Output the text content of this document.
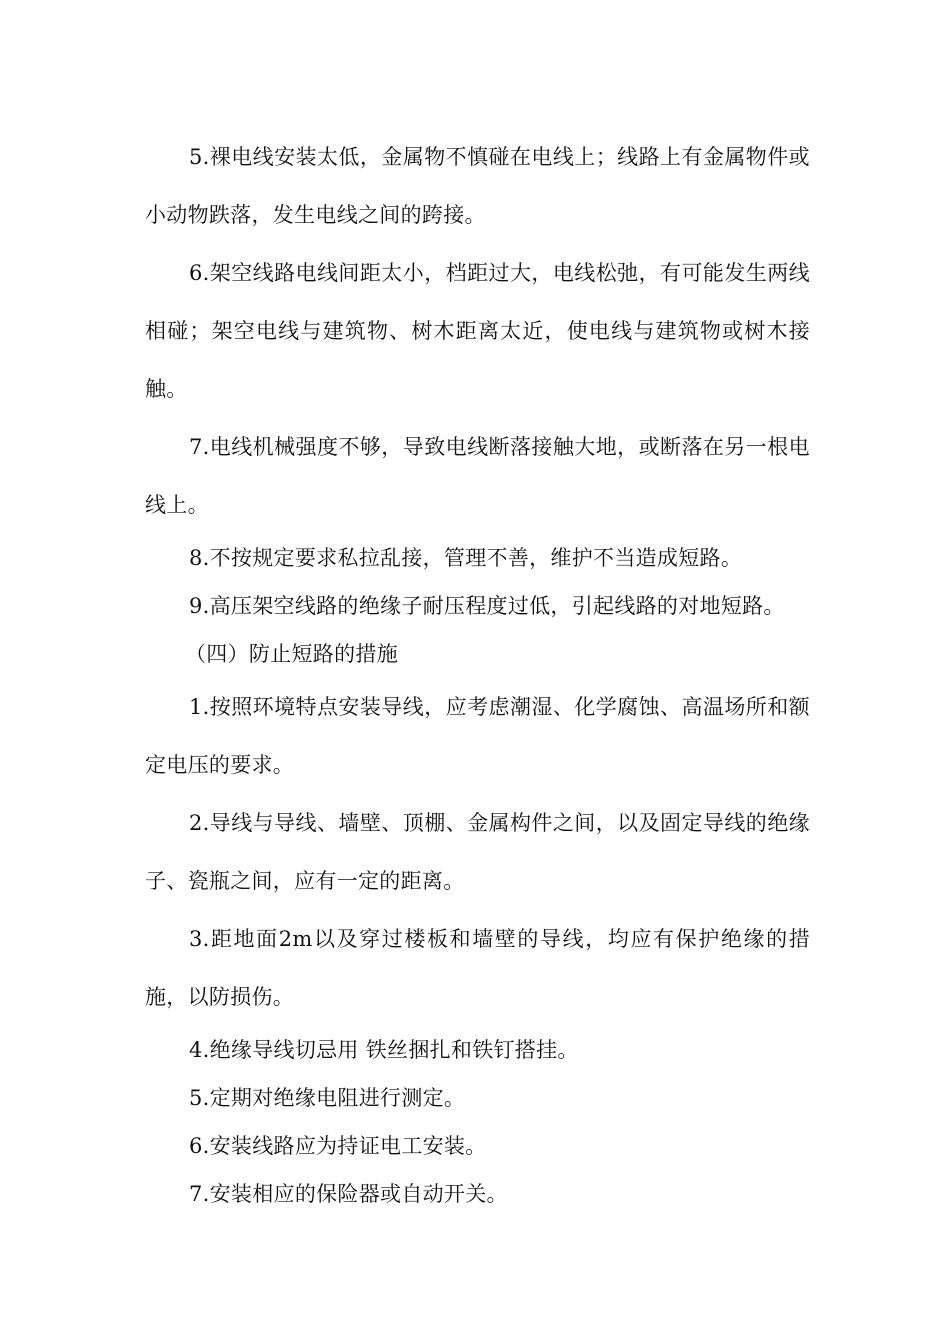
5.裸电线安装太低，金属物不慎碰在电线上；线路上有金属物件或小动物跌落，发生电线之间的跨接。

6.架空线路电线间距太小，档距过大，电线松弛，有可能发生两线相碰；架空电线与建筑物、树木距离太近，使电线与建筑物或树木接触。

7.电线机械强度不够，导致电线断落接触大地，或断落在另一根电线上。

8.不按规定要求私拉乱接，管理不善，维护不当造成短路。

9.高压架空线路的绝缘子耐压程度过低，引起线路的对地短路。

（四）防止短路的措施

1.按照环境特点安装导线，应考虑潮湿、化学腐蚀、高温场所和额定电压的要求。

2.导线与导线、墙壁、顶棚、金属构件之间，以及固定导线的绝缘子、瓷瓶之间，应有一定的距离。

3.距地面2m以及穿过楼板和墙壁的导线，均应有保护绝缘的措施，以防损伤。

4.绝缘导线切忌用 铁丝捆扎和铁钉搭挂。

5.定期对绝缘电阻进行测定。

6.安装线路应为持证电工安装。

7.安装相应的保险器或自动开关。
